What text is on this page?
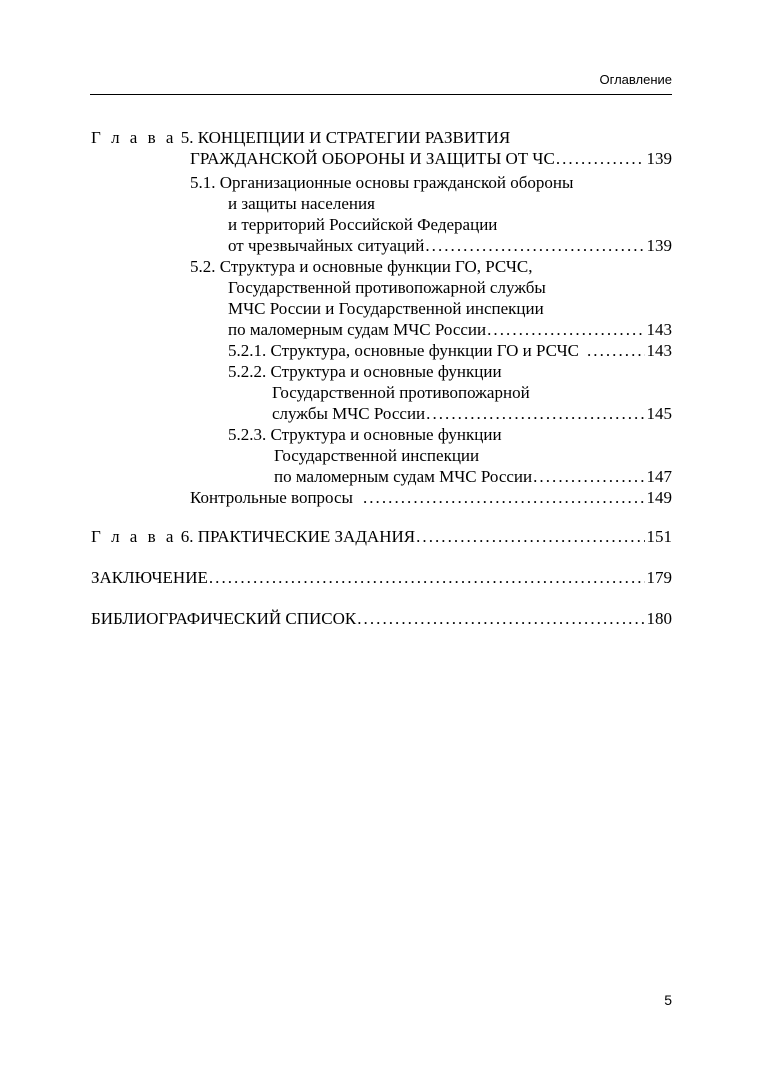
Оглавление
Г л а в а 5. КОНЦЕПЦИИ И СТРАТЕГИИ РАЗВИТИЯ
ГРАЖДАНСКОЙ ОБОРОНЫ И ЗАЩИТЫ ОТ ЧС . . .	139
5.1. Организационные основы гражданской обороны
и защиты населения
и территорий Российской Федерации
от чрезвычайных ситуаций . . .	139
5.2. Структура и основные функции ГО, РСЧС,
Государственной противопожарной службы
МЧС России и Государственной инспекции
по маломерным судам МЧС России . . .	143
5.2.1. Структура, основные функции ГО и РСЧС . . .	143
5.2.2. Структура и основные функции
Государственной противопожарной
службы МЧС России . . .	145
5.2.3. Структура и основные функции
Государственной инспекции
по маломерным судам МЧС России . . .	147
Контрольные вопросы . . .	149
Г л а в а 6. ПРАКТИЧЕСКИЕ ЗАДАНИЯ . . .	151
ЗАКЛЮЧЕНИЕ . . .	179
БИБЛИОГРАФИЧЕСКИЙ СПИСОК . . .	180
5
